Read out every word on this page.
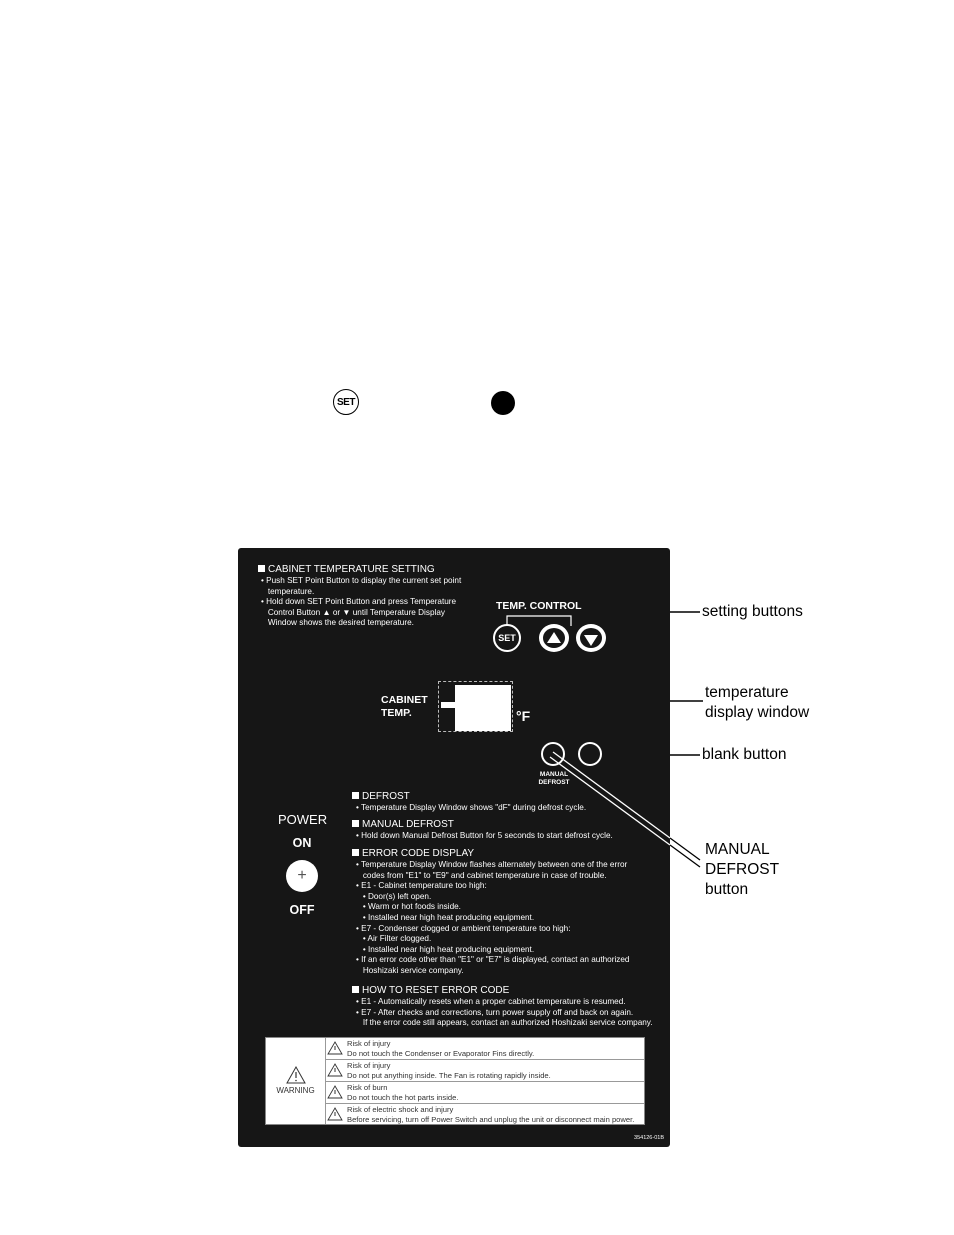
SET
CABINET TEMPERATURE SETTING
• Push SET Point Button to display the current set point
temperature.
• Hold down SET Point Button and press Temperature
Control Button ▲ or ▼ until Temperature Display
Window shows the desired temperature.
TEMP. CONTROL
SET
CABINET
TEMP.	°F
MANUAL
DEFROST
POWER
ON
+
OFF
DEFROST
• Temperature Display Window shows "dF" during defrost cycle.
MANUAL DEFROST
• Hold down Manual Defrost Button for 5 seconds to start defrost cycle.
ERROR CODE DISPLAY
• Temperature Display Window flashes alternately between one of the error
codes from "E1" to "E9" and cabinet temperature in case of trouble.
• E1 - Cabinet temperature too high:
• Door(s) left open.
• Warm or hot foods inside.
• Installed near high heat producing equipment.
• E7 - Condenser clogged or ambient temperature too high:
• Air Filter clogged.
• Installed near high heat producing equipment.
• If an error code other than "E1" or "E7" is displayed, contact an authorized
Hoshizaki service company.
HOW TO RESET ERROR CODE
• E1 - Automatically resets when a proper cabinet temperature is resumed.
• E7 - After checks and corrections, turn power supply off and back on again.
If the error code still appears, contact an authorized Hoshizaki service company.
WARNING
Risk of injury
Do not touch the Condenser or Evaporator Fins directly.
Risk of injury
Do not put anything inside. The Fan is rotating rapidly inside.
Risk of burn
Do not touch the hot parts inside.
Risk of electric shock and injury
Before servicing, turn off Power Switch and unplug the unit or disconnect main power.
354126-01B
setting buttons
temperature
display window
blank button
MANUAL
DEFROST
button
